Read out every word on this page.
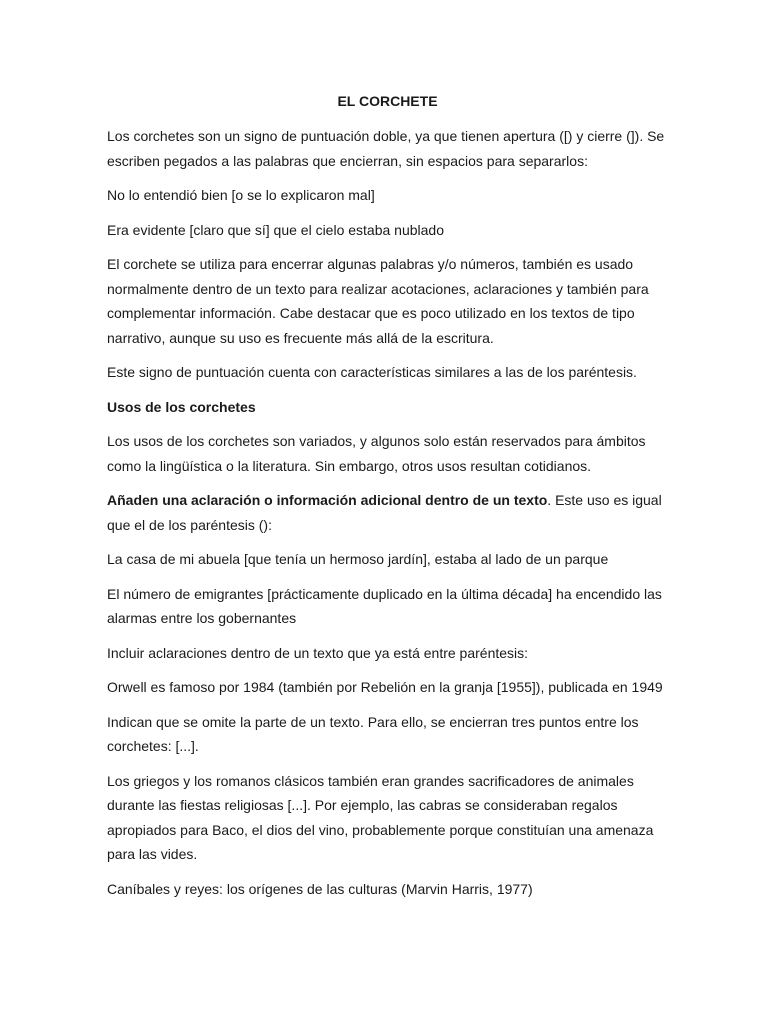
EL CORCHETE

Los corchetes son un signo de puntuación doble, ya que tienen apertura ([) y cierre (]). Se escriben pegados a las palabras que encierran, sin espacios para separarlos:

No lo entendió bien [o se lo explicaron mal]

Era evidente [claro que sí] que el cielo estaba nublado

El corchete se utiliza para encerrar algunas palabras y/o números, también es usado normalmente dentro de un texto para realizar acotaciones, aclaraciones y también para complementar información. Cabe destacar que es poco utilizado en los textos de tipo narrativo, aunque su uso es frecuente más allá de la escritura.

Este signo de puntuación cuenta con características similares a las de los paréntesis.

Usos de los corchetes

Los usos de los corchetes son variados, y algunos solo están reservados para ámbitos como la lingüística o la literatura. Sin embargo, otros usos resultan cotidianos.

Añaden una aclaración o información adicional dentro de un texto. Este uso es igual que el de los paréntesis ():

La casa de mi abuela [que tenía un hermoso jardín], estaba al lado de un parque

El número de emigrantes [prácticamente duplicado en la última década] ha encendido las alarmas entre los gobernantes

Incluir aclaraciones dentro de un texto que ya está entre paréntesis:

Orwell es famoso por 1984 (también por Rebelión en la granja [1955]), publicada en 1949

Indican que se omite la parte de un texto. Para ello, se encierran tres puntos entre los corchetes: [...].

Los griegos y los romanos clásicos también eran grandes sacrificadores de animales durante las fiestas religiosas [...]. Por ejemplo, las cabras se consideraban regalos apropiados para Baco, el dios del vino, probablemente porque constituían una amenaza para las vides.

Caníbales y reyes: los orígenes de las culturas (Marvin Harris, 1977)
